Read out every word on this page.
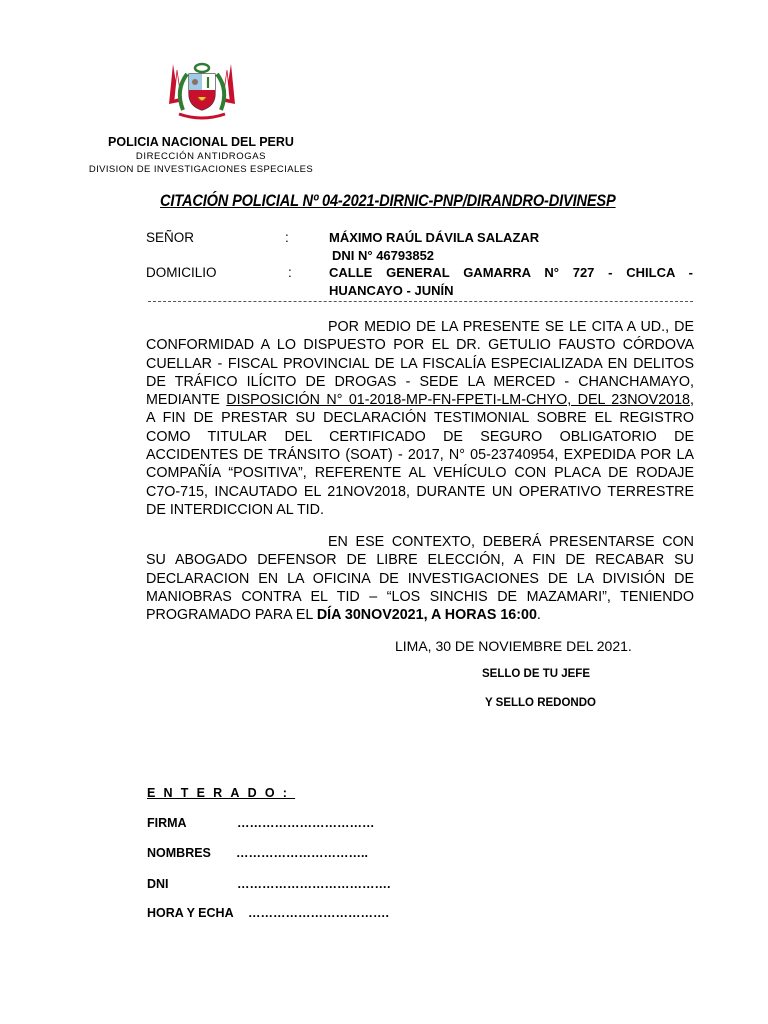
POLICIA NACIONAL DEL PERU
DIRECCIÓN ANTIDROGAS
DIVISION DE INVESTIGACIONES ESPECIALES
CITACIÓN POLICIAL Nº 04-2021-DIRNIC-PNP/DIRANDRO-DIVINESP
SEÑOR	:	MÁXIMO RAÚL DÁVILA SALAZAR
DNI N° 46793852
DOMICILIO	:	CALLE GENERAL GAMARRA N° 727 - CHILCA -
HUANCAYO - JUNÍN

POR MEDIO DE LA PRESENTE SE LE CITA A UD., DE CONFORMIDAD A LO DISPUESTO POR EL DR. GETULIO FAUSTO CÓRDOVA CUELLAR - FISCAL PROVINCIAL DE LA FISCALÍA ESPECIALIZADA EN DELITOS DE TRÁFICO ILÍCITO DE DROGAS - SEDE LA MERCED - CHANCHAMAYO, MEDIANTE DISPOSICIÓN N° 01-2018-MP-FN-FPETI-LM-CHYO, DEL 23NOV2018, A FIN DE PRESTAR SU DECLARACIÓN TESTIMONIAL SOBRE EL REGISTRO COMO TITULAR DEL CERTIFICADO DE SEGURO OBLIGATORIO DE ACCIDENTES DE TRÁNSITO (SOAT) - 2017, N° 05-23740954, EXPEDIDA POR LA COMPAÑÍA “POSITIVA”, REFERENTE AL VEHÍCULO CON PLACA DE RODAJE C7O-715, INCAUTADO EL 21NOV2018, DURANTE UN OPERATIVO TERRESTRE DE INTERDICCION AL TID.

EN ESE CONTEXTO, DEBERÁ PRESENTARSE CON SU ABOGADO DEFENSOR DE LIBRE ELECCIÓN, A FIN DE RECABAR SU DECLARACION EN LA OFICINA DE INVESTIGACIONES DE LA DIVISIÓN DE MANIOBRAS CONTRA EL TID – “LOS SINCHIS DE MAZAMARI”, TENIENDO PROGRAMADO PARA EL DÍA 30NOV2021, A HORAS 16:00.

LIMA, 30 DE NOVIEMBRE DEL 2021.
SELLO DE TU JEFE
Y SELLO REDONDO
ENTERADO:
FIRMA	……………………………
NOMBRES …………………………..
DNI	……………………………….
HORA Y ECHA …………………………….
